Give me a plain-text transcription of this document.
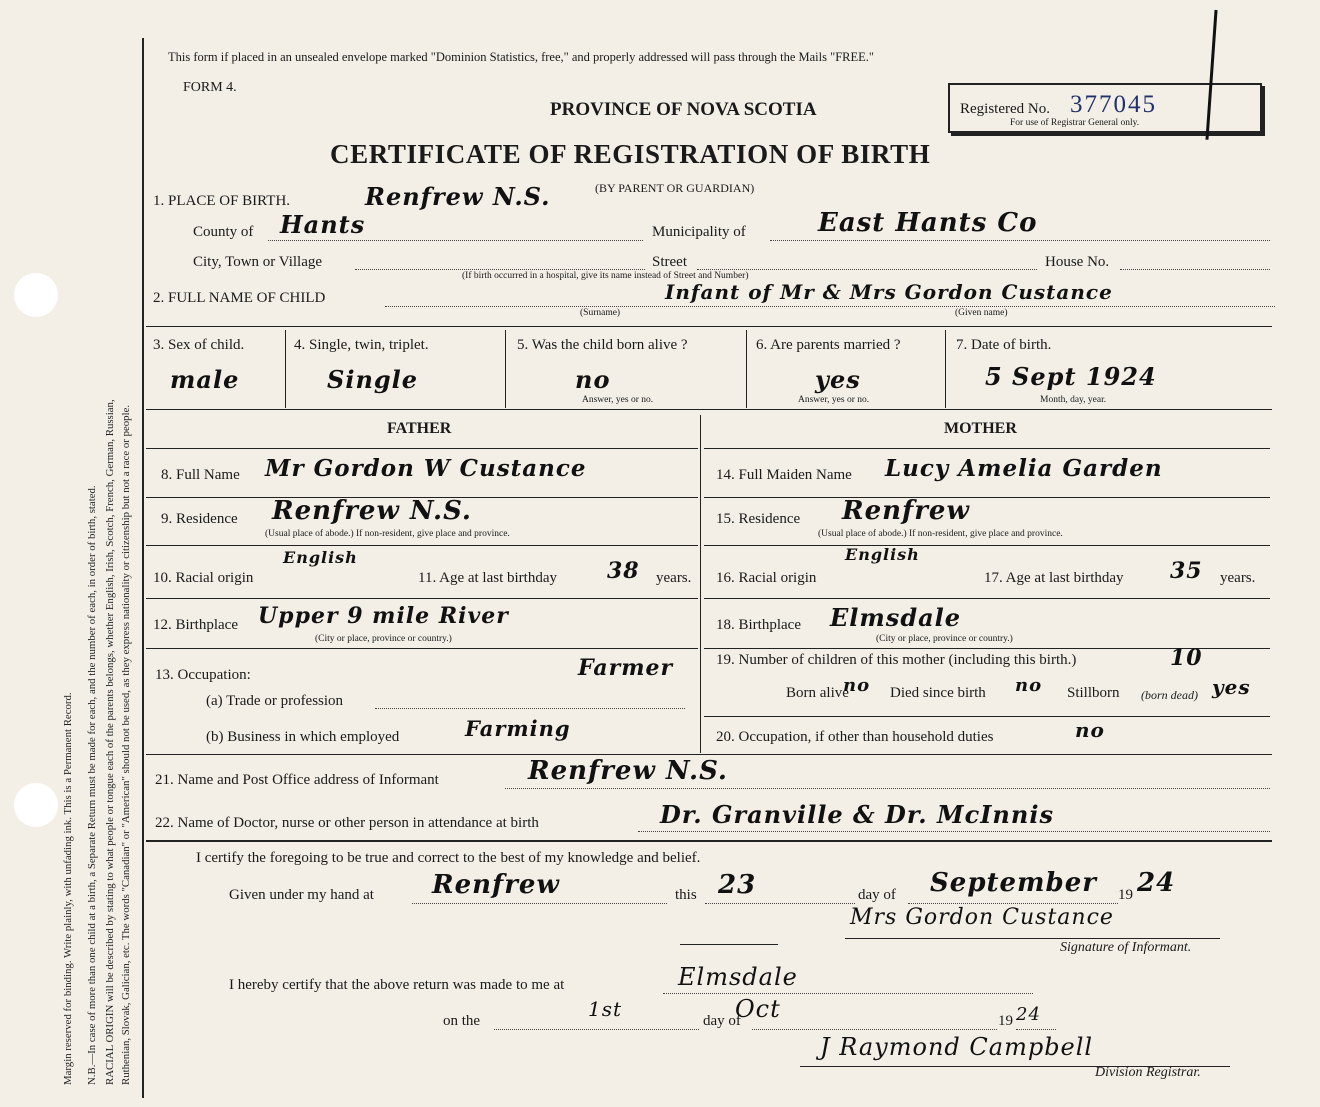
Margin reserved for binding. Write plainly, with unfading ink. This is a Permanent Record. N.B.—In case of more than one child at a birth, a Separate Return must be made for each, and the number of each, in order of birth, stated. RACIAL ORIGIN will be described by stating to what people or tongue each of the parents belongs, whether English, Irish, Scotch, French, German, Russian, Ruthenian, Slovak, Galician, etc. The words "Canadian" or "American" should not be used, as they express nationality or citizenship but not a race or people.
This form if placed in an unsealed envelope marked "Dominion Statistics, free," and properly addressed will pass through the Mails "FREE."
FORM 4.
PROVINCE OF NOVA SCOTIA
CERTIFICATE OF REGISTRATION OF BIRTH
Registered No. 377045
For use of Registrar General only.
1. PLACE OF BIRTH.	Renfrew N.S.	(BY PARENT OR GUARDIAN)
County of Hants	Municipality of	East Hants Co
City, Town or Village	Street	House No.
(If birth occurred in a hospital, give its name instead of Street and Number)
2. FULL NAME OF CHILD	Infant of Mr & Mrs Gordon Custance
(Surname)	(Given name)
3. Sex of child.
male
4. Single, twin, triplet.
Single
5. Was the child born alive ?
no
Answer, yes or no.
6. Are parents married ?
yes
Answer, yes or no.
7. Date of birth.
5 Sept 1924
Month, day, year.
FATHER	MOTHER
8. Full Name Mr Gordon W Custance
9. Residence Renfrew N.S.
(Usual place of abode.) If non-resident, give place and province.
10. Racial origin
English
11. Age at last birthday 38 years.
12. Birthplace Upper 9 mile River
(City or place, province or country.)
13. Occupation:	Farmer
(a) Trade or profession
(b) Business in which employed	Farming
14. Full Maiden Name Lucy Amelia Garden
15. Residence Renfrew
(Usual place of abode.) If non-resident, give place and province.
16. Racial origin
English
17. Age at last birthday 35 years.
18. Birthplace Elmsdale
(City or place, province or country.)
19. Number of children of this mother (including this birth.)	10
Born alive
no Died since birth no Stillborn (born dead) yes
20. Occupation, if other than household duties	no
21. Name and Post Office address of Informant	Renfrew N.S.
22. Name of Doctor, nurse or other person in attendance at birth	Dr. Granville & Dr. McInnis
I certify the foregoing to be true and correct to the best of my knowledge and belief.
Given under my hand at Renfrew	this 23	day of September 19 24
Mrs Gordon Custance
Signature of Informant.
I hereby certify that the above return was made to me at	Elmsdale
on the	1st	day of
Oct	19 24
J Raymond Campbell
Division Registrar.
